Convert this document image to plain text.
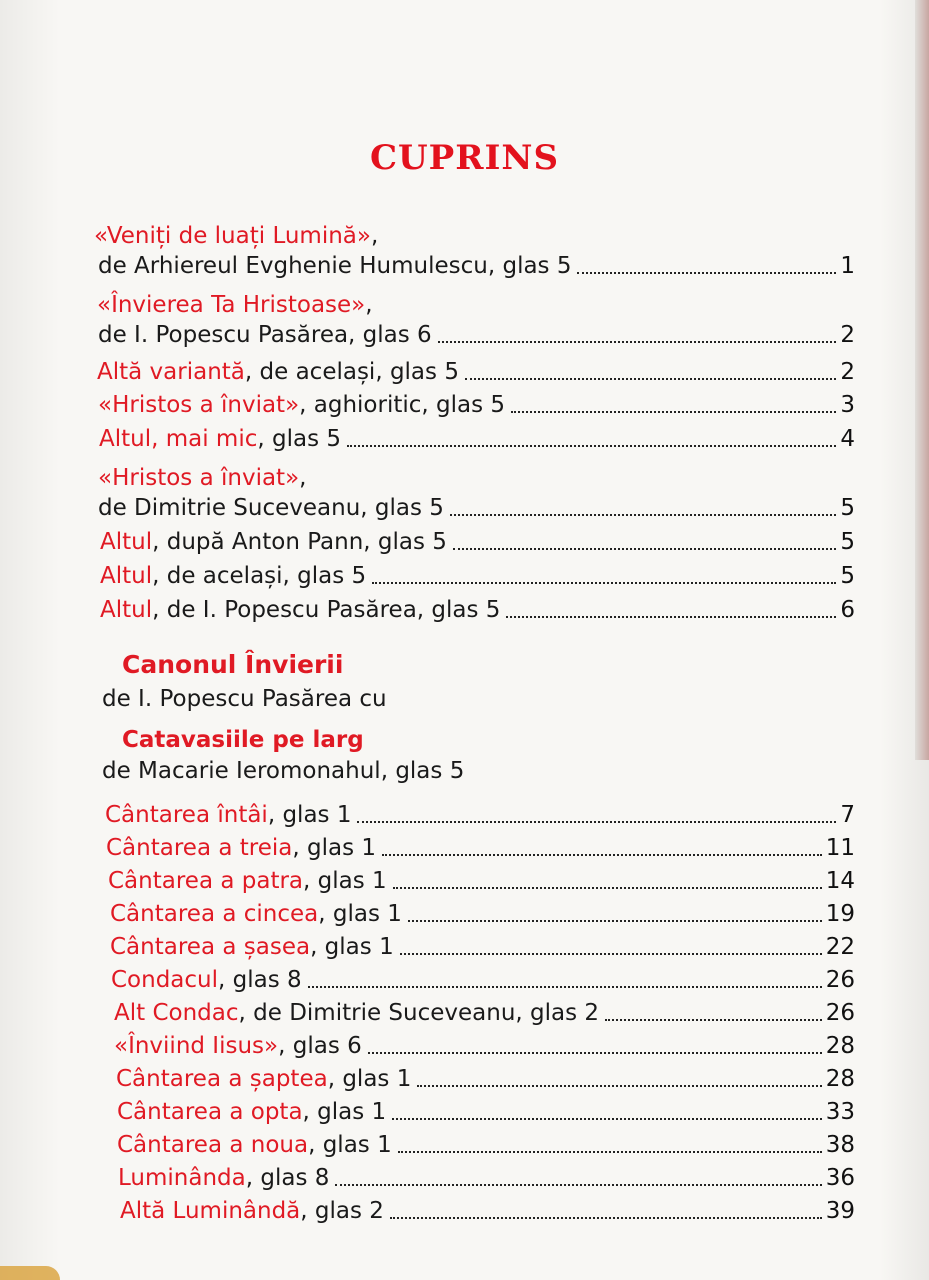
CUPRINS
«Veniți de luați Lumină» ,
de Arhiereul Evghenie Humulescu, glas 5	1
«Învierea Ta Hristoase» ,
de I. Popescu Pasărea, glas 6	2
Altă variantă , de același, glas 5	2
«Hristos a înviat» , aghioritic, glas 5	3
Altul, mai mic , glas 5	4
«Hristos a înviat» ,
de Dimitrie Suceveanu, glas 5	5
Altul , după Anton Pann, glas 5	5
Altul , de același, glas 5	5
Altul , de I. Popescu Pasărea, glas 5	6
Cântarea întâi , glas 1	7
Cântarea a treia , glas 1	11
Cântarea a patra , glas 1	14
Cântarea a cincea , glas 1	19
Cântarea a șasea , glas 1	22
Condacul , glas 8	26
Alt Condac , de Dimitrie Suceveanu, glas 2	26
«Înviind Iisus» , glas 6	28
Cântarea a șaptea , glas 1	28
Cântarea a opta , glas 1	33
Cântarea a noua , glas 1	38
Luminânda , glas 8	36
Altă Luminândă , glas 2	39
Canonul Învierii
de I. Popescu Pasărea cu
Catavasiile pe larg
de Macarie Ieromonahul, glas 5
